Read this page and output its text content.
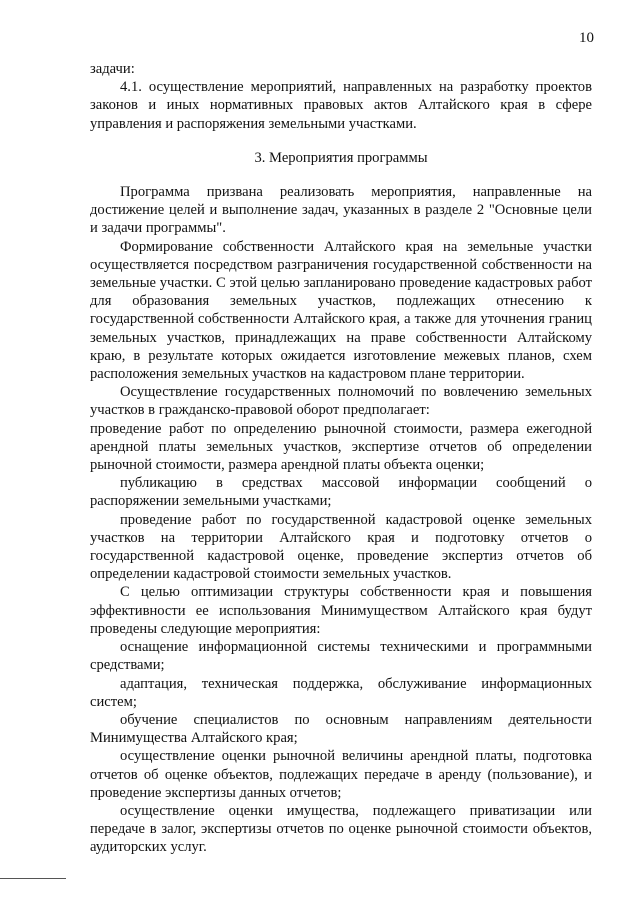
10

задачи:

4.1. осуществление мероприятий, направленных на разработку проектов законов и иных нормативных правовых актов Алтайского края в сфере управления и распоряжения земельными участками.

3. Мероприятия программы

Программа призвана реализовать мероприятия, направленные на достижение целей и выполнение задач, указанных в разделе 2 "Основные цели и задачи программы".

Формирование собственности Алтайского края на земельные участки осуществляется посредством разграничения государственной собственности на земельные участки. С этой целью запланировано проведение кадастровых работ для образования земельных участков, подлежащих отнесению к государственной собственности Алтайского края, а также для уточнения границ земельных участков, принадлежащих на праве собственности Алтайскому краю, в результате которых ожидается изготовление межевых планов, схем расположения земельных участков на кадастровом плане территории.

Осуществление государственных полномочий по вовлечению земельных участков в гражданско-правовой оборот предполагает:

проведение работ по определению рыночной стоимости, размера ежегодной арендной платы земельных участков, экспертизе отчетов об определении рыночной стоимости, размера арендной платы объекта оценки;

публикацию в средствах массовой информации сообщений о распоряжении земельными участками;

проведение работ по государственной кадастровой оценке земельных участков на территории Алтайского края и подготовку отчетов о государственной кадастровой оценке, проведение экспертиз отчетов об определении кадастровой стоимости земельных участков.

С целью оптимизации структуры собственности края и повышения эффективности ее использования Минимуществом Алтайского края будут проведены следующие мероприятия:

оснащение информационной системы техническими и программными средствами;

адаптация, техническая поддержка, обслуживание информационных систем;

обучение специалистов по основным направлениям деятельности Минимущества Алтайского края;

осуществление оценки рыночной величины арендной платы, подготовка отчетов об оценке объектов, подлежащих передаче в аренду (пользование), и проведение экспертизы данных отчетов;

осуществление оценки имущества, подлежащего приватизации или передаче в залог, экспертизы отчетов по оценке рыночной стоимости объектов, аудиторских услуг.
